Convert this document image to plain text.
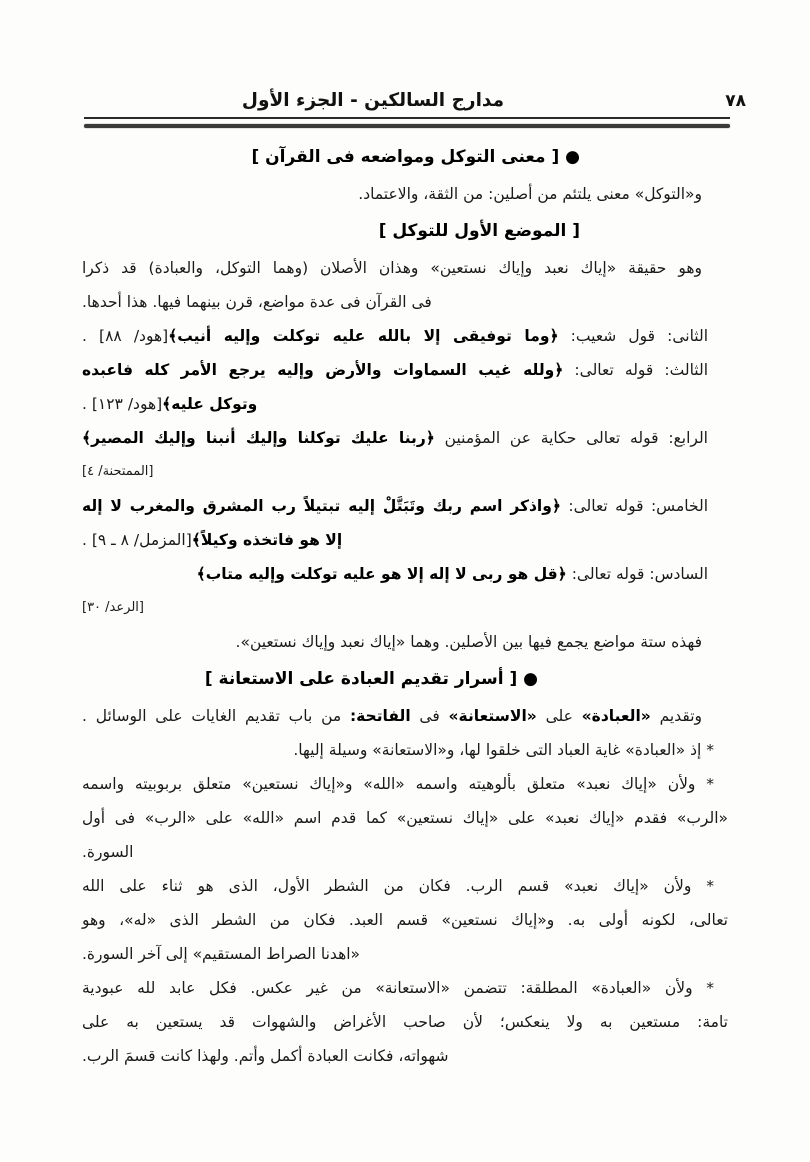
مدارج السالكين - الجزء الأول	٧٨
● [ معنى التوكل ومواضعه فى القرآن ]
و«التوكل» معنى يلتئم من أصلين: من الثقة، والاعتماد.
[ الموضع الأول للتوكل ]
وهو حقيقة «إياك نعبد وإياك نستعين» وهذان الأصلان (وهما التوكل، والعبادة) قد ذكرا
فى القرآن فى عدة مواضع، قرن بينهما فيها. هذا أحدها.
الثانى: قول شعيب: ﴿وما توفيقى إلا بالله عليه توكلت وإليه أنيب﴾[هود/ ٨٨] .
الثالث: قوله تعالى: ﴿ولله غيب السماوات والأرض وإليه يرجع الأمر كله فاعبده
وتوكل عليه﴾[هود/ ١٢٣] .
الرابع: قوله تعالى حكاية عن المؤمنين ﴿ربنا عليك توكلنا وإليك أنبنا وإليك المصير﴾
[الممتحنة/ ٤]
الخامس: قوله تعالى: ﴿واذكر اسم ربك وتَبَتَّلْ إليه تبتيلاً رب المشرق والمغرب لا إله
إلا هو فاتخذه وكيلاً﴾[المزمل/ ٨ ـ ٩] .
السادس: قوله تعالى: ﴿قل هو ربى لا إله إلا هو عليه توكلت وإليه متاب﴾
[الرعد/ ٣٠]
فهذه ستة مواضع يجمع فيها بين الأصلين. وهما «إياك نعبد وإياك نستعين».
● [ أسرار تقديم العبادة على الاستعانة ]
وتقديم «العبادة» على «الاستعانة» فى الفاتحة: من باب تقديم الغايات على الوسائل .
* إذ «العبادة» غاية العباد التى خلقوا لها، و«الاستعانة» وسيلة إليها.
* ولأن «إياك نعبد» متعلق بألوهيته واسمه «الله» و«إياك نستعين» متعلق بربوبيته واسمه
«الرب» فقدم «إياك نعبد» على «إياك نستعين» كما قدم اسم «الله» على «الرب» فى أول
السورة.
* ولأن «إياك نعبد» قسم الرب. فكان من الشطر الأول، الذى هو ثناء على الله
تعالى، لكونه أولى به. و«إياك نستعين» قسم العبد. فكان من الشطر الذى «له»، وهو
«اهدنا الصراط المستقيم» إلى آخر السورة.
* ولأن «العبادة» المطلقة: تتضمن «الاستعانة» من غير عكس. فكل عابد لله عبودية
تامة: مستعين به ولا ينعكس؛ لأن صاحب الأغراض والشهوات قد يستعين به على
شهواته، فكانت العبادة أكمل وأتم. ولهذا كانت قسمَ الرب.
